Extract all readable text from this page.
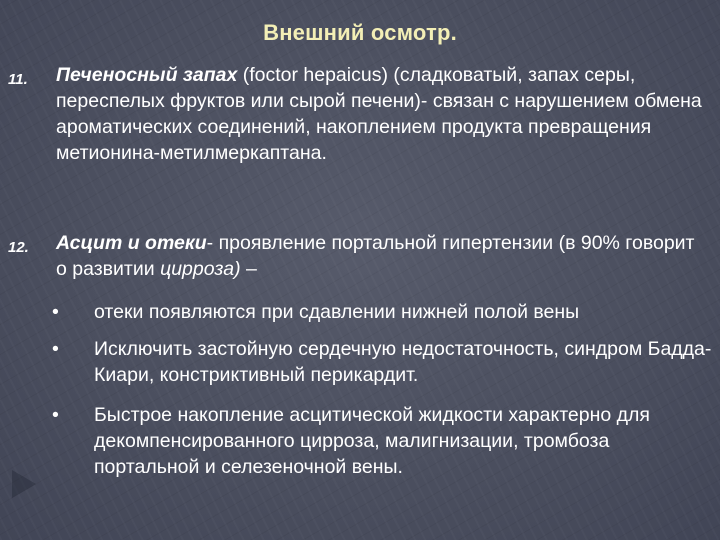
Внешний осмотр.
11.	Печеносный запах (foctor hepaicus) (сладковатый, запах серы, переспелых фруктов или сырой печени)- связан с нарушением обмена ароматических соединений, накоплением продукта превращения метионина-метилмеркаптана.
12.	Асцит и отеки- проявление портальной гипертензии (в 90% говорит о развитии цирроза) –
•	отеки появляются при сдавлении нижней полой вены
•	Исключить застойную сердечную недостаточность, синдром Бадда-Киари, констриктивный перикардит.
•	Быстрое накопление асцитической жидкости характерно для декомпенсированного цирроза, малигнизации, тромбоза портальной и селезеночной вены.
